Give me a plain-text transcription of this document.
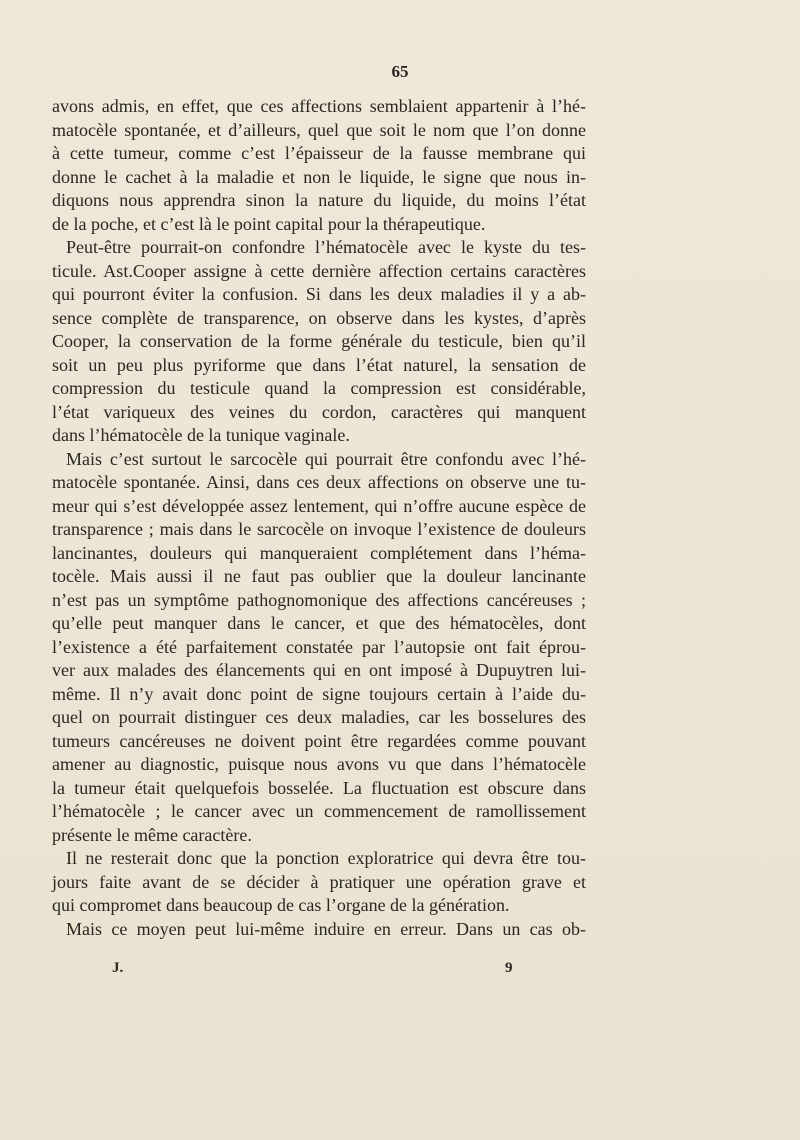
65
avons admis, en effet, que ces affections semblaient appartenir à l’hé-
matocèle spontanée, et d’ailleurs, quel que soit le nom que l’on donne
à cette tumeur, comme c’est l’épaisseur de la fausse membrane qui
donne le cachet à la maladie et non le liquide, le signe que nous in-
diquons nous apprendra sinon la nature du liquide, du moins l’état
de la poche, et c’est là le point capital pour la thérapeutique.
Peut-être pourrait-on confondre l’hématocèle avec le kyste du tes-
ticule. Ast.Cooper assigne à cette dernière affection certains caractères
qui pourront éviter la confusion. Si dans les deux maladies il y a ab-
sence complète de transparence, on observe dans les kystes, d’après
Cooper, la conservation de la forme générale du testicule, bien qu’il
soit un peu plus pyriforme que dans l’état naturel, la sensation de
compression du testicule quand la compression est considérable,
l’état variqueux des veines du cordon, caractères qui manquent
dans l’hématocèle de la tunique vaginale.
Mais c’est surtout le sarcocèle qui pourrait être confondu avec l’hé-
matocèle spontanée. Ainsi, dans ces deux affections on observe une tu-
meur qui s’est développée assez lentement, qui n’offre aucune espèce de
transparence ; mais dans le sarcocèle on invoque l’existence de douleurs
lancinantes, douleurs qui manqueraient complétement dans l’héma-
tocèle. Mais aussi il ne faut pas oublier que la douleur lancinante
n’est pas un symptôme pathognomonique des affections cancéreuses ;
qu’elle peut manquer dans le cancer, et que des hématocèles, dont
l’existence a été parfaitement constatée par l’autopsie ont fait éprou-
ver aux malades des élancements qui en ont imposé à Dupuytren lui-
même. Il n’y avait donc point de signe toujours certain à l’aide du-
quel on pourrait distinguer ces deux maladies, car les bosselures des
tumeurs cancéreuses ne doivent point être regardées comme pouvant
amener au diagnostic, puisque nous avons vu que dans l’hématocèle
la tumeur était quelquefois bosselée. La fluctuation est obscure dans
l’hématocèle ; le cancer avec un commencement de ramollissement
présente le même caractère.
Il ne resterait donc que la ponction exploratrice qui devra être tou-
jours faite avant de se décider à pratiquer une opération grave et
qui compromet dans beaucoup de cas l’organe de la génération.
Mais ce moyen peut lui-même induire en erreur. Dans un cas ob-
J.	9
